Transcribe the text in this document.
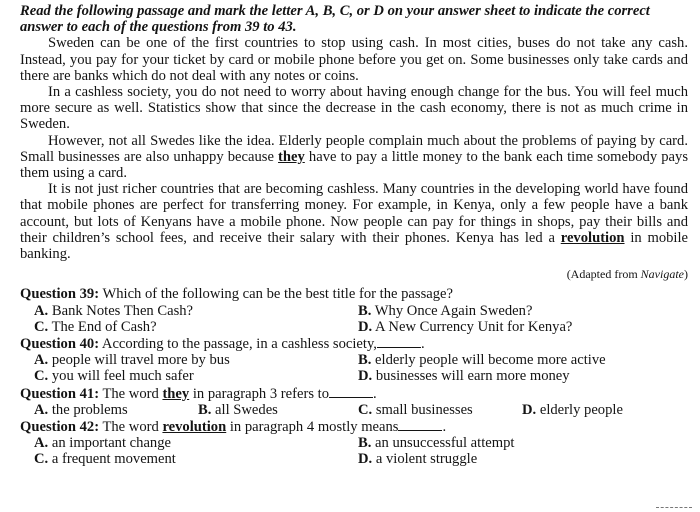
Read the following passage and mark the letter A, B, C, or D on your answer sheet to indicate the correct answer to each of the questions from 39 to 43.
Sweden can be one of the first countries to stop using cash. In most cities, buses do not take any cash. Instead, you pay for your ticket by card or mobile phone before you get on. Some businesses only take cards and there are banks which do not deal with any notes or coins.
In a cashless society, you do not need to worry about having enough change for the bus. You will feel much more secure as well. Statistics show that since the decrease in the cash economy, there is not as much crime in Sweden.
However, not all Swedes like the idea. Elderly people complain much about the problems of paying by card. Small businesses are also unhappy because they have to pay a little money to the bank each time somebody pays them using a card.
It is not just richer countries that are becoming cashless. Many countries in the developing world have found that mobile phones are perfect for transferring money. For example, in Kenya, only a few people have a bank account, but lots of Kenyans have a mobile phone. Now people can pay for things in shops, pay their bills and their children’s school fees, and receive their salary with their phones. Kenya has led a revolution in mobile banking.
(Adapted from Navigate)
Question 39: Which of the following can be the best title for the passage?
A. Bank Notes Then Cash?	B. Why Once Again Sweden?
C. The End of Cash?	D. A New Currency Unit for Kenya?
Question 40: According to the passage, in a cashless society,	.
A. people will travel more by bus	B. elderly people will become more active
C. you will feel much safer	D. businesses will earn more money
Question 41: The word they in paragraph 3 refers to	.
A. the problems	B. all Swedes	C. small businesses	D. elderly people
Question 42: The word revolution in paragraph 4 mostly means	.
A. an important change	B. an unsuccessful attempt
C. a frequent movement	D. a violent struggle
